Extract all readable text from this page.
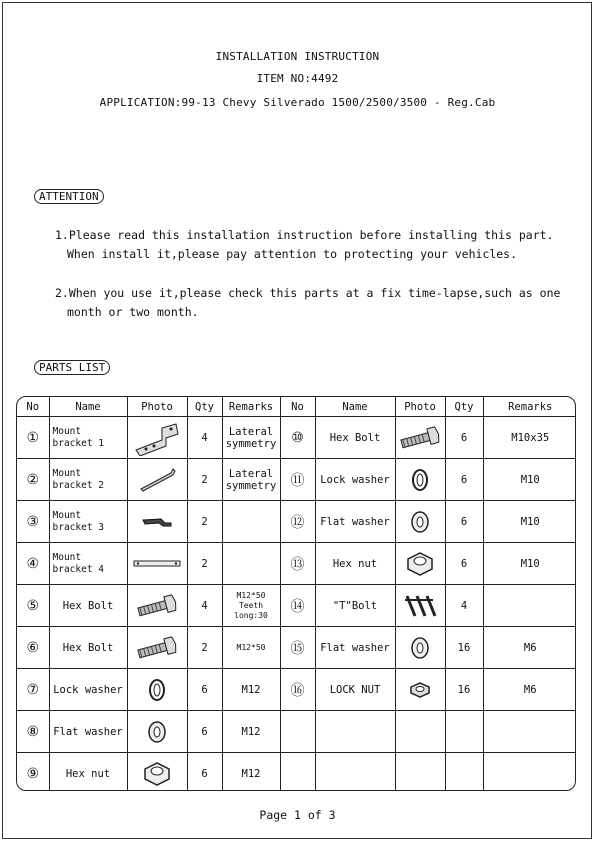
INSTALLATION INSTRUCTION
ITEM NO:4492
APPLICATION:99-13 Chevy Silverado 1500/2500/3500 - Reg.Cab
ATTENTION
1.Please read this installation instruction before installing this part.
When install it,please pay attention to protecting your vehicles.
2.When you use it,please check this parts at a fix time-lapse,such as one
month or two month.
PARTS LIST
No	Name	Photo	Qty	Remarks	No	Name	Photo	Qty	Remarks
①	Mount bracket 1		4	Lateral symmetry	⑩	Hex Bolt		6	M10x35
②	Mount bracket 2		2	Lateral symmetry	⑪	Lock washer		6	M10
③	Mount bracket 3		2		⑫	Flat washer		6	M10
④	Mount bracket 4		2		⑬	Hex nut		6	M10
⑤	Hex Bolt		4	M12*50 Teeth long:30	⑭	"T"Bolt		4	
⑥	Hex Bolt		2	M12*50	⑮	Flat washer		16	M6
⑦	Lock washer		6	M12	⑯	LOCK NUT		16	M6
⑧	Flat washer		6	M12					
⑨	Hex nut		6	M12					
Page 1 of 3
